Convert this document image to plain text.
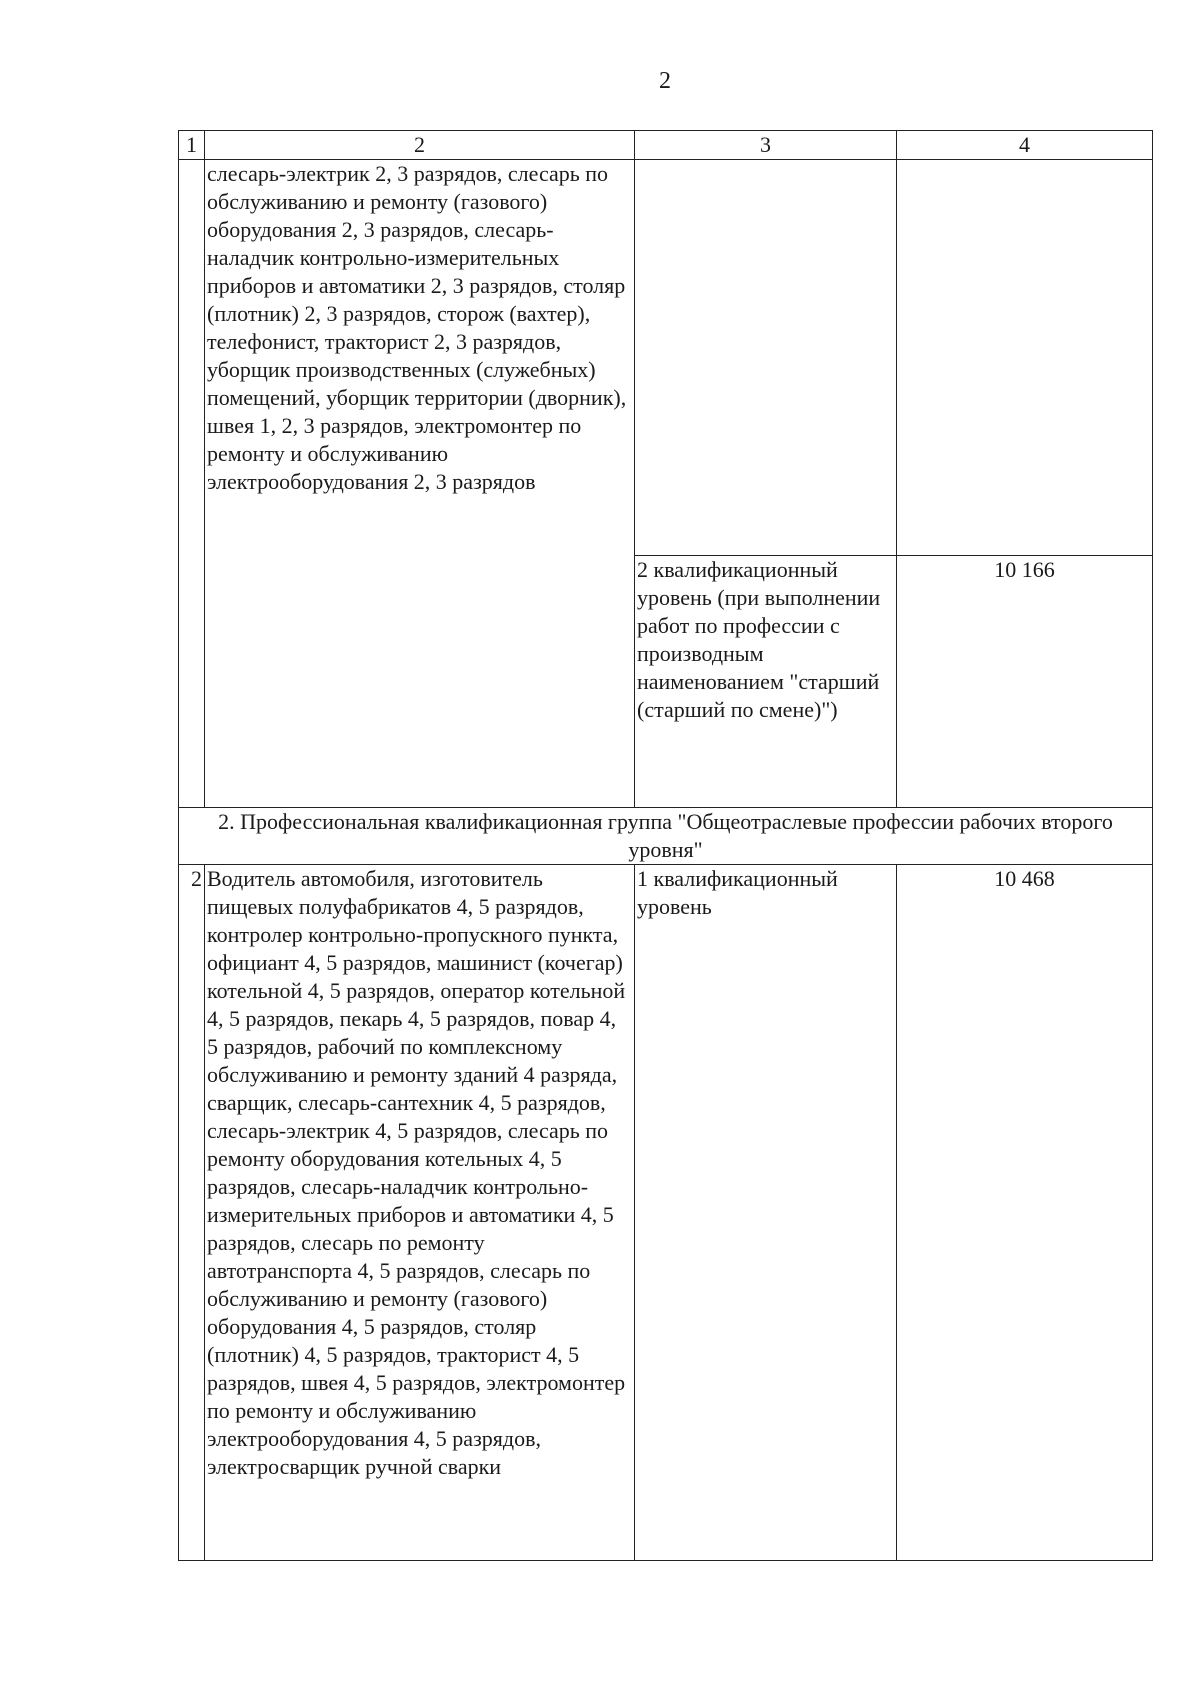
2
1	2	3	4
	слесарь-электрик 2, 3 разрядов, слесарь по обслуживанию и ремонту (газового) оборудования 2, 3 разрядов, слесарь-наладчик контрольно-измерительных приборов и автоматики 2, 3 разрядов, столяр (плотник) 2, 3 разрядов, сторож (вахтер), телефонист, тракторист 2, 3 разрядов, уборщик производственных (служебных) помещений, уборщик территории (дворник), швея 1, 2, 3 разрядов, электромонтер по ремонту и обслуживанию электрооборудования 2, 3 разрядов		
		2 квалификационный уровень (при выполнении работ по профессии с производным наименованием "старший (старший по смене)")	10 166
2. Профессиональная квалификационная группа "Общеотраслевые профессии рабочих второго уровня"			
2	Водитель автомобиля, изготовитель пищевых полуфабрикатов 4, 5 разрядов, контролер контрольно-пропускного пункта, официант 4, 5 разрядов, машинист (кочегар) котельной 4, 5 разрядов, оператор котельной 4, 5 разрядов, пекарь 4, 5 разрядов, повар 4, 5 разрядов, рабочий по комплексному обслуживанию и ремонту зданий 4 разряда, сварщик, слесарь-сантехник 4, 5 разрядов, слесарь-электрик 4, 5 разрядов, слесарь по ремонту оборудования котельных 4, 5 разрядов, слесарь-наладчик контрольно-измерительных приборов и автоматики 4, 5 разрядов, слесарь по ремонту автотранспорта 4, 5 разрядов, слесарь по обслуживанию и ремонту (газового) оборудования 4, 5 разрядов, столяр (плотник) 4, 5 разрядов, тракторист 4, 5 разрядов, швея 4, 5 разрядов, электромонтер по ремонту и обслуживанию электрооборудования 4, 5 разрядов, электросварщик ручной сварки	1 квалификационный уровень	10 468
